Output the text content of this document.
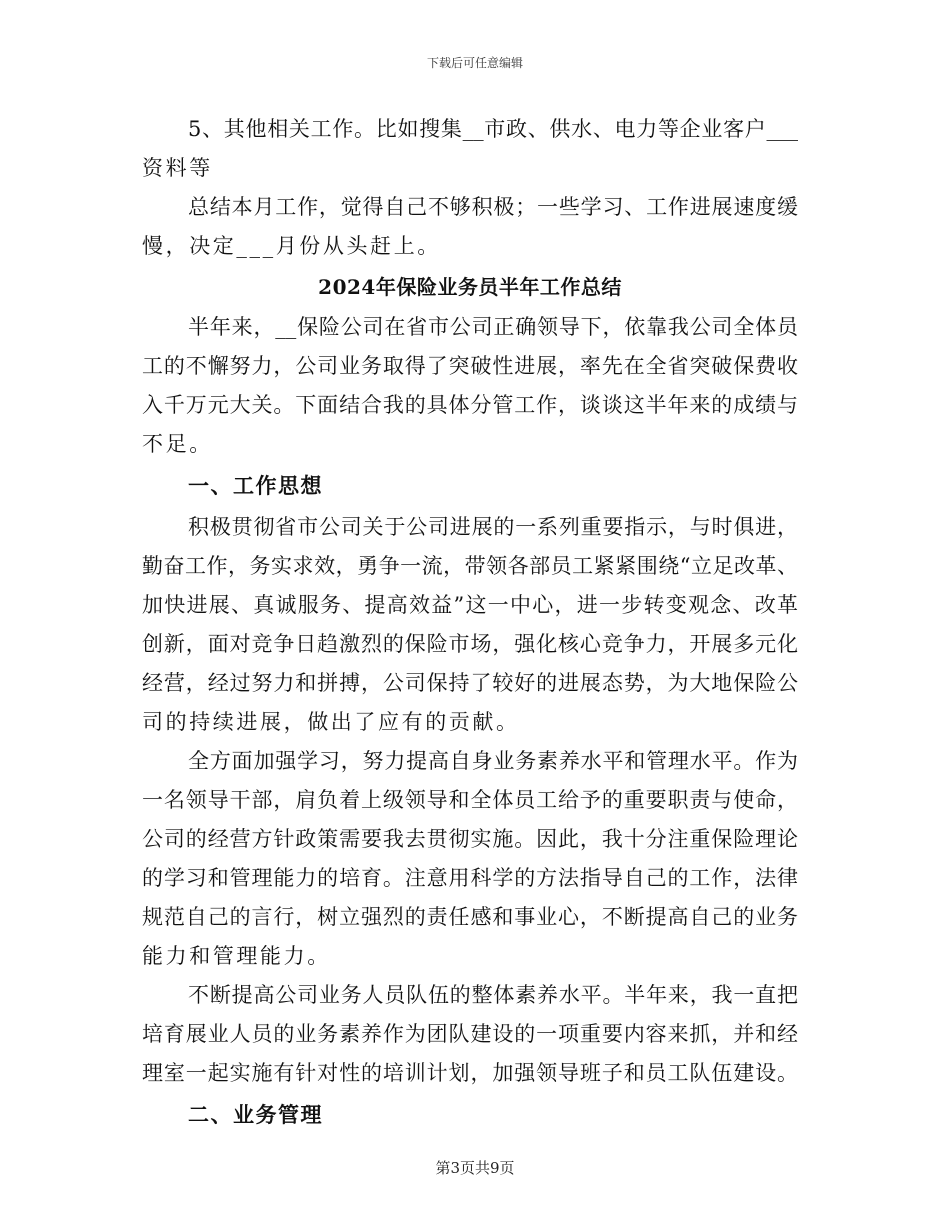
下载后可任意编辑
5、其他相关工作。比如搜集__市政、供水、电力等企业客户___
资料等
总结本月工作，觉得自己不够积极；一些学习、工作进展速度缓
慢，决定___月份从头赶上。
2024年保险业务员半年工作总结
半年来，__保险公司在省市公司正确领导下，依靠我公司全体员
工的不懈努力，公司业务取得了突破性进展，率先在全省突破保费收
入千万元大关。下面结合我的具体分管工作，谈谈这半年来的成绩与
不足。
一、工作思想
积极贯彻省市公司关于公司进展的一系列重要指示，与时俱进，
勤奋工作，务实求效，勇争一流，带领各部员工紧紧围绕“立足改革、
加快进展、真诚服务、提高效益”这一中心，进一步转变观念、改革
创新，面对竞争日趋激烈的保险市场，强化核心竞争力，开展多元化
经营，经过努力和拼搏，公司保持了较好的进展态势，为大地保险公
司的持续进展，做出了应有的贡献。
全方面加强学习，努力提高自身业务素养水平和管理水平。作为
一名领导干部，肩负着上级领导和全体员工给予的重要职责与使命，
公司的经营方针政策需要我去贯彻实施。因此，我十分注重保险理论
的学习和管理能力的培育。注意用科学的方法指导自己的工作，法律
规范自己的言行，树立强烈的责任感和事业心，不断提高自己的业务
能力和管理能力。
不断提高公司业务人员队伍的整体素养水平。半年来，我一直把
培育展业人员的业务素养作为团队建设的一项重要内容来抓，并和经
理室一起实施有针对性的培训计划，加强领导班子和员工队伍建设。
二、业务管理
第3页共9页
